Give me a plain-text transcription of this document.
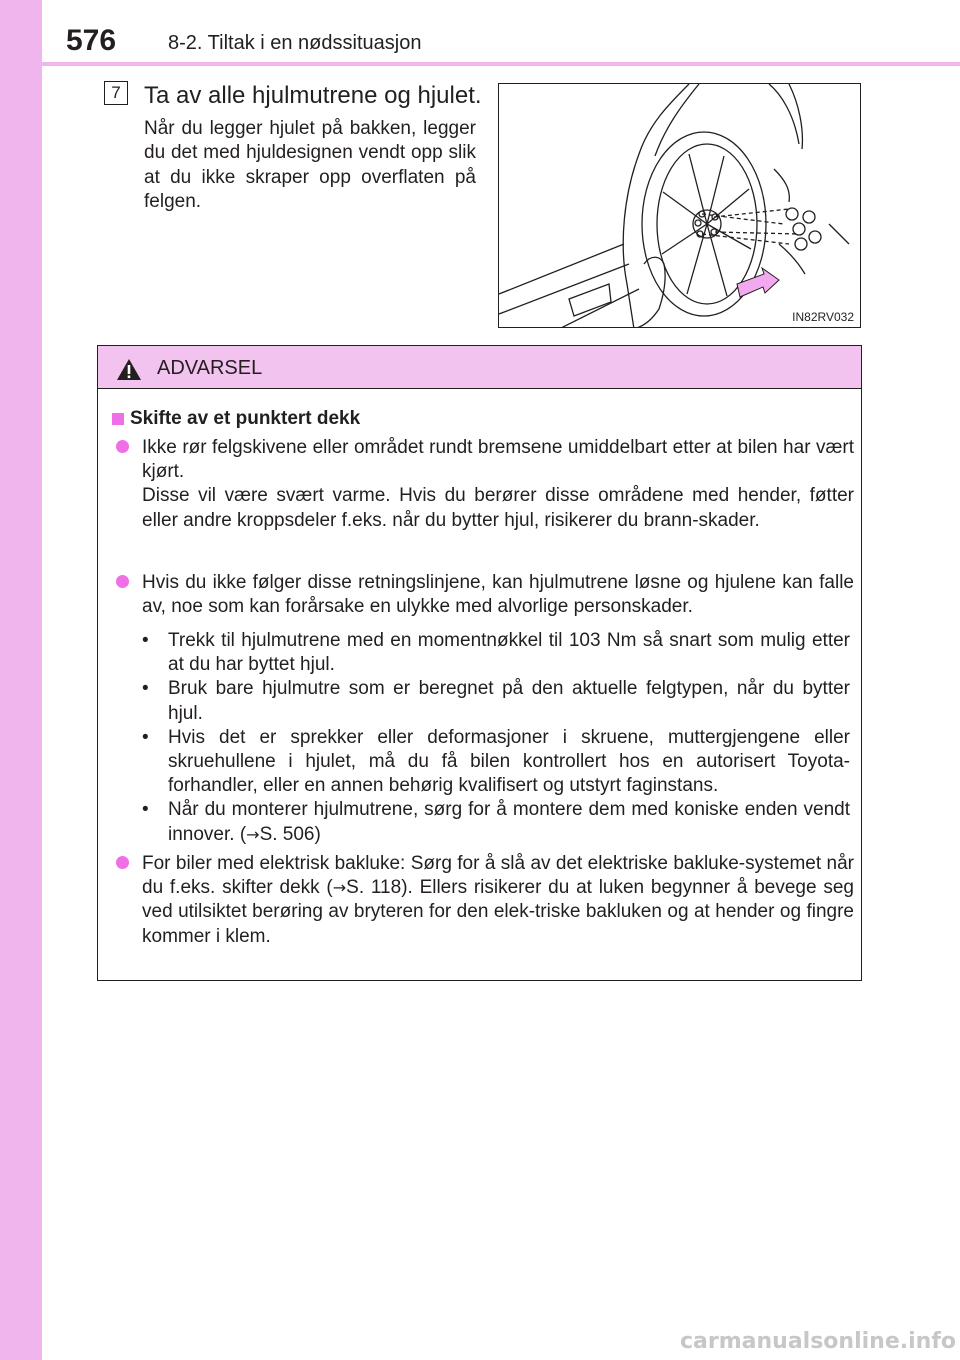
576	8-2. Tiltak i en nødssituasjon
7 Ta av alle hjulmutrene og hjulet.
Når du legger hjulet på bakken, legger du det med hjuldesignen vendt opp slik at du ikke skraper opp overflaten på felgen.
IN82RV032
ADVARSEL
Skifte av et punktert dekk

Ikke rør felgskivene eller området rundt bremsene umiddelbart etter at bilen har vært kjørt.

Disse vil være svært varme. Hvis du berører disse områdene med hender, føtter eller andre kroppsdeler f.eks. når du bytter hjul, risikerer du brann-skader.

Hvis du ikke følger disse retningslinjene, kan hjulmutrene løsne og hjulene kan falle av, noe som kan forårsake en ulykke med alvorlige personskader.

• Trekk til hjulmutrene med en momentnøkkel til 103 Nm så snart som mulig etter at du har byttet hjul.
• Bruk bare hjulmutre som er beregnet på den aktuelle felgtypen, når du bytter hjul.
• Hvis det er sprekker eller deformasjoner i skruene, muttergjengene eller skruehullene i hjulet, må du få bilen kontrollert hos en autorisert Toyota-forhandler, eller en annen behørig kvalifisert og utstyrt faginstans.
• Når du monterer hjulmutrene, sørg for å montere dem med koniske enden vendt innover. (→S. 506)

For biler med elektrisk bakluke: Sørg for å slå av det elektriske bakluke-systemet når du f.eks. skifter dekk (→S. 118). Ellers risikerer du at luken begynner å bevege seg ved utilsiktet berøring av bryteren for den elek-triske bakluken og at hender og fingre kommer i klem.

carmanualsonline.info
